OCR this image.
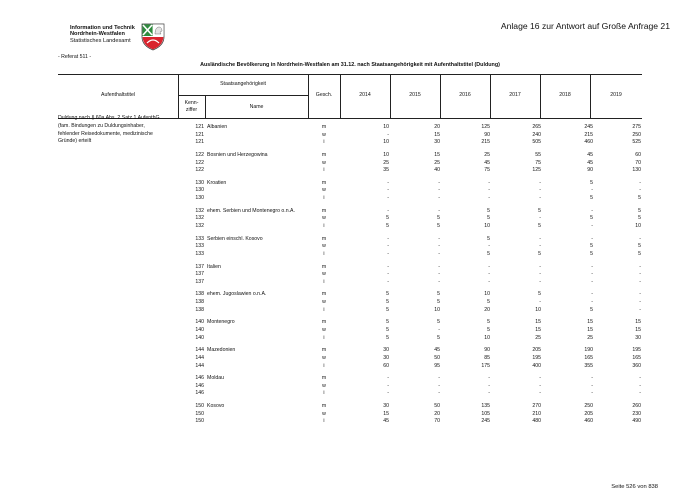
Information und Technik
Nordrhein-Westfalen
Statistisches Landesamt
Anlage 16 zur Antwort auf Große Anfrage 21
- Referat 511 -
Ausländische Bevölkerung in Nordrhein-Westfalen am 31.12. nach Staatsangehörigkeit mit Aufenthaltstitel (Duldung)
Aufenthaltstitel
Staatsangehörigkeit
Kenn-
ziffer	Name
Gesch.	2014	2015	2016	2017	2018	2019
Duldung nach § 60a Abs. 2 Satz 1 AufenthG
(fam. Bindungen zu Duldungsinhaber,
fehlender Reisedokumente, medizinische
Gründe) erteilt
121 Albanien	m	10	20	125	265	245	275
121	w	-	15	90	240	215	250
121	i	10	30	215	505	460	525
122 Bosnien und Herzegowina	m	10	15	25	55	45	60
122	w	25	25	45	75	45	70
122	i	35	40	75	125	90	130
130 Kroatien	m	-	-	-	-	5	-
130	w	-	-	-	-	-	-
130	i	-	-	-	-	5	5
132 ehem. Serbien und Montenegro o.n.A.	m	-	-	5	5	-	5
132	w	5	5	5	-	5	5
132	i	5	5	10	5	-	10
133 Serbien einschl. Kosovo	m	-	-	5	-	-	-
133	w	-	-	-	-	5	5
133	i	-	-	5	5	5	5
137 Italien	m	-	-	-	-	-	-
137	w	-	-	-	-	-	-
137	i	-	-	-	-	-	-
138 ehem. Jugoslawien o.n.A.	m	5	5	10	5	-	-
138	w	5	5	5	-	-	-
138	i	5	10	20	10	5	-
140 Montenegro	m	5	5	5	15	15	15
140	w	5	-	5	15	15	15
140	i	5	5	10	25	25	30
144 Mazedonien	m	30	45	90	205	190	195
144	w	30	50	85	195	165	165
144	i	60	95	175	400	355	360
146 Moldau	m	-	-	-	-	-	-
146	w	-	-	-	-	-	-
146	i	-	-	-	-	-	-
150 Kosovo	m	30	50	135	270	250	260
150	w	15	20	105	210	205	230
150	i	45	70	245	480	460	490
Seite 526 von 838
